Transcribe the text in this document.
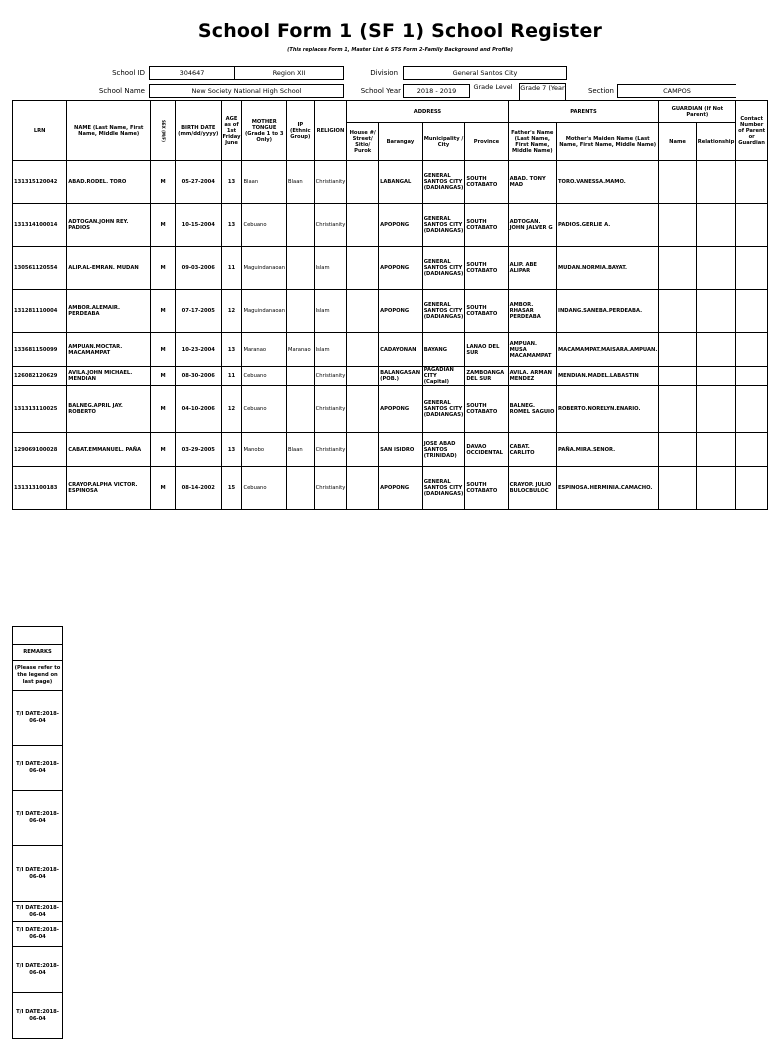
School Form 1 (SF 1) School Register
(This replaces Form 1, Master List & STS Form 2-Family Background and Profile)
School ID	304647	Region XII	Division	General Santos City
School Name	New Society National High School	School Year	2018 - 2019	Grade Level	Grade 7 (Year	Section	CAMPOS
LRN	NAME (Last Name, First Name, Middle Name)	SEX (M/F)	BIRTH DATE (mm/dd/yyyy)	AGE as of 1st Friday June	MOTHER TONGUE (Grade 1 to 3 Only)	IP (Ethnic Group)	RELIGION	ADDRESS				PARENTS		GUARDIAN (If Not Parent)		Contact Number of Parent or Guardian
								House #/ Street/ Sitio/ Purok	Barangay	Municipality / City	Province	Father's Name (Last Name, First Name, Middle Name)	Mother's Maiden Name (Last Name, First Name, Middle Name)	Name	Relationship	
131315120042	ABAD.RODEL. TORO	M	05-27-2004	13	Blaan	Blaan	Christianity		LABANGAL	GENERAL SANTOS CITY (DADIANGAS)	SOUTH COTABATO	ABAD. TONY MAD	TORO.VANESSA.MAMO.			
131314100014	ADTOGAN.JOHN REY. PADIOS	M	10-15-2004	13	Cebuano		Christianity		APOPONG	GENERAL SANTOS CITY (DADIANGAS)	SOUTH COTABATO	ADTOGAN. JOHN JALVER G	PADIOS.GERLIE A.			
130561120554	ALIP.AL-EMRAN. MUDAN	M	09-03-2006	11	Maguindanaoan		Islam		APOPONG	GENERAL SANTOS CITY (DADIANGAS)	SOUTH COTABATO	ALIP. ABE ALIPAR	MUDAN.NORMIA.BAYAT.			
131281110004	AMBOR.ALEMAIR. PERDEABA	M	07-17-2005	12	Maguindanaoan		Islam		APOPONG	GENERAL SANTOS CITY (DADIANGAS)	SOUTH COTABATO	AMBOR. RHASAR PERDEABA	INDANG.SANEBA.PERDEABA.			
133681150099	AMPUAN.MOCTAR. MACAMAMPAT	M	10-23-2004	13	Maranao	Maranao	Islam		CADAYONAN	BAYANG	LANAO DEL SUR	AMPUAN. MUSA MACAMAMPAT	MACAMAMPAT.MAISARA.AMPUAN.			
126082120629	AVILA.JOHN MICHAEL. MENDIAN	M	08-30-2006	11	Cebuano		Christianity		BALANGASAN (POB.)	PAGADIAN CITY (Capital)	ZAMBOANGA DEL SUR	AVILA. ARMAN MENDEZ	MENDIAN.MADEL.LABASTIN			
131313110025	BALNEG.APRIL JAY. ROBERTO	M	04-10-2006	12	Cebuano		Christianity		APOPONG	GENERAL SANTOS CITY (DADIANGAS)	SOUTH COTABATO	BALNEG. ROMEL SAGUIO	ROBERTO.NORELYN.ENARIO.			
129069100028	CABAT.EMMANUEL. PAÑA	M	03-29-2005	13	Manobo	Blaan	Christianity		SAN ISIDRO	JOSE ABAD SANTOS (TRINIDAD)	DAVAO OCCIDENTAL	CABAT. CARLITO	PAÑA.MIRA.SENOR.			
131313100183	CRAYOP.ALPHA VICTOR. ESPINOSA	M	08-14-2002	15	Cebuano		Christianity		APOPONG	GENERAL SANTOS CITY (DADIANGAS)	SOUTH COTABATO	CRAYOP. JULIO BULOCBULOC	ESPINOSA.HERMINIA.CAMACHO.			

REMARKS
(Please refer to the legend on last page)
T/I DATE:2018-06-04
T/I DATE:2018-06-04
T/I DATE:2018-06-04
T/I DATE:2018-06-04
T/I DATE:2018-06-04
T/I DATE:2018-06-04
T/I DATE:2018-06-04
T/I DATE:2018-06-04
